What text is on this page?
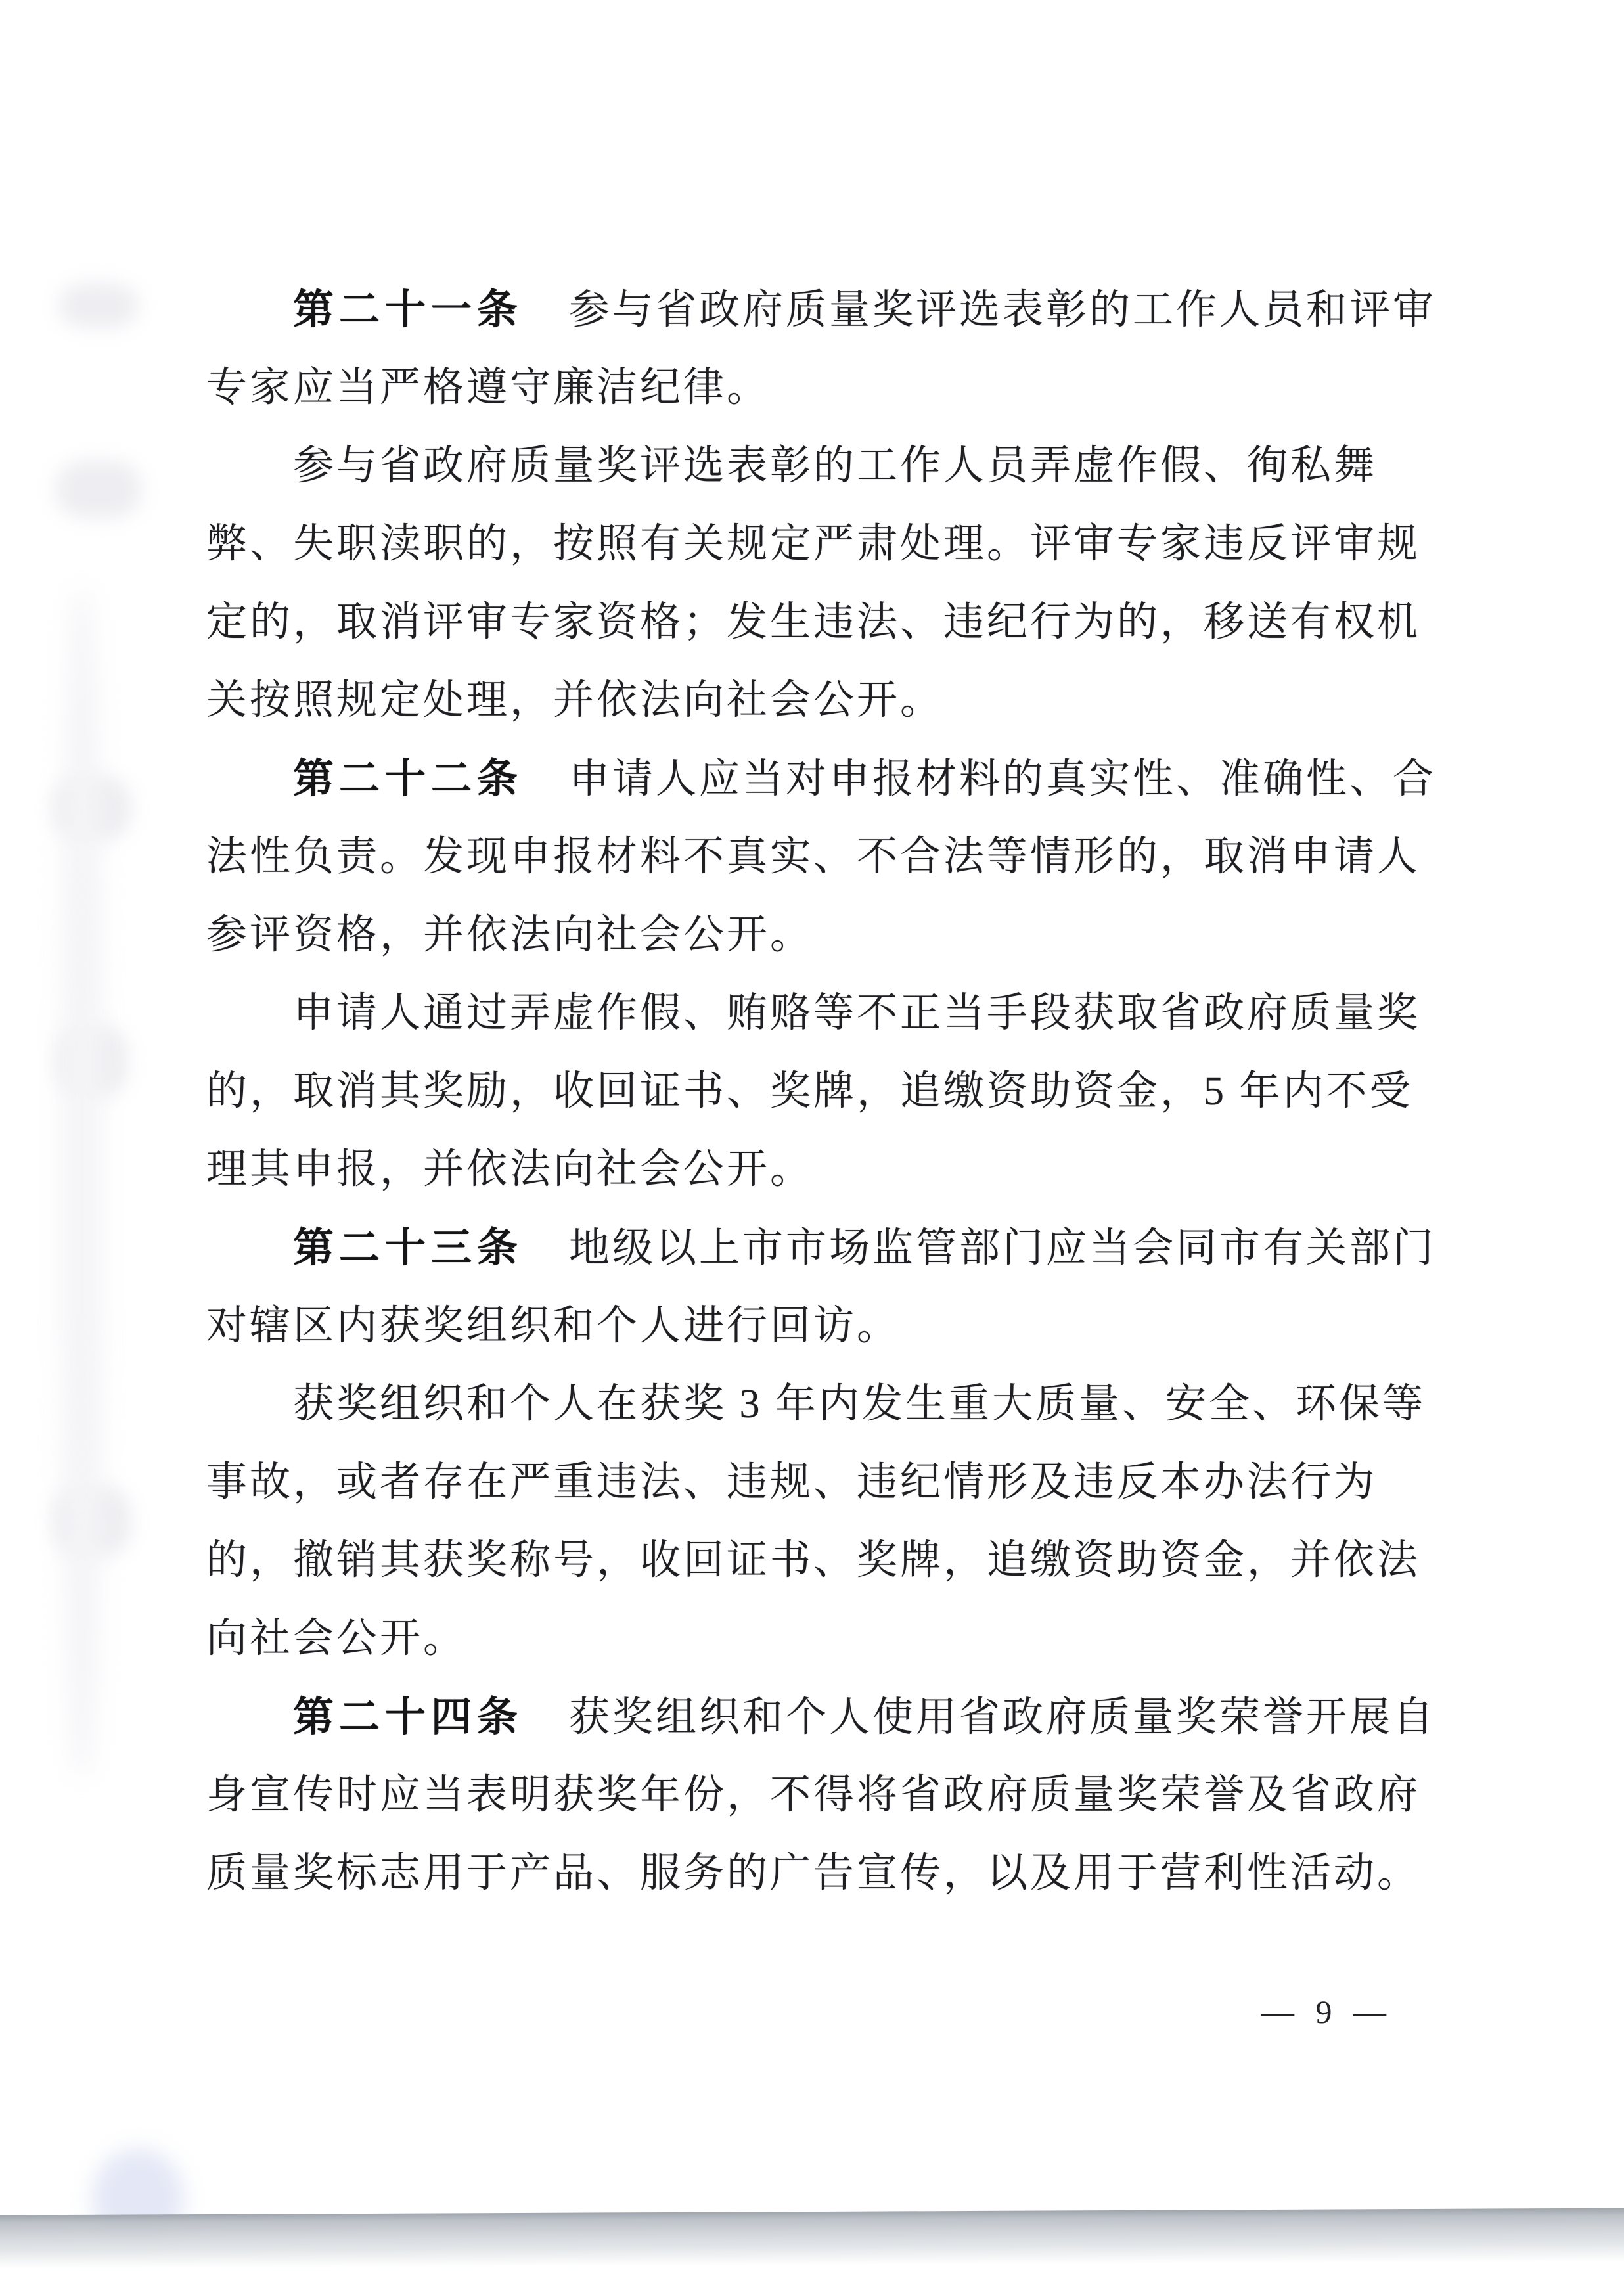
第二十一条 参与省政府质量奖评选表彰的工作人员和评审
专家应当严格遵守廉洁纪律。
参与省政府质量奖评选表彰的工作人员弄虚作假、徇私舞
弊、失职渎职的，按照有关规定严肃处理。评审专家违反评审规
定的，取消评审专家资格；发生违法、违纪行为的，移送有权机
关按照规定处理，并依法向社会公开。
第二十二条 申请人应当对申报材料的真实性、准确性、合
法性负责。发现申报材料不真实、不合法等情形的，取消申请人
参评资格，并依法向社会公开。
申请人通过弄虚作假、贿赂等不正当手段获取省政府质量奖
的，取消其奖励，收回证书、奖牌，追缴资助资金，5 年内不受
理其申报，并依法向社会公开。
第二十三条 地级以上市市场监管部门应当会同市有关部门
对辖区内获奖组织和个人进行回访。
获奖组织和个人在获奖 3 年内发生重大质量、安全、环保等
事故，或者存在严重违法、违规、违纪情形及违反本办法行为
的，撤销其获奖称号，收回证书、奖牌，追缴资助资金，并依法
向社会公开。
第二十四条 获奖组织和个人使用省政府质量奖荣誉开展自
身宣传时应当表明获奖年份，不得将省政府质量奖荣誉及省政府
质量奖标志用于产品、服务的广告宣传，以及用于营利性活动。
— 9 —
